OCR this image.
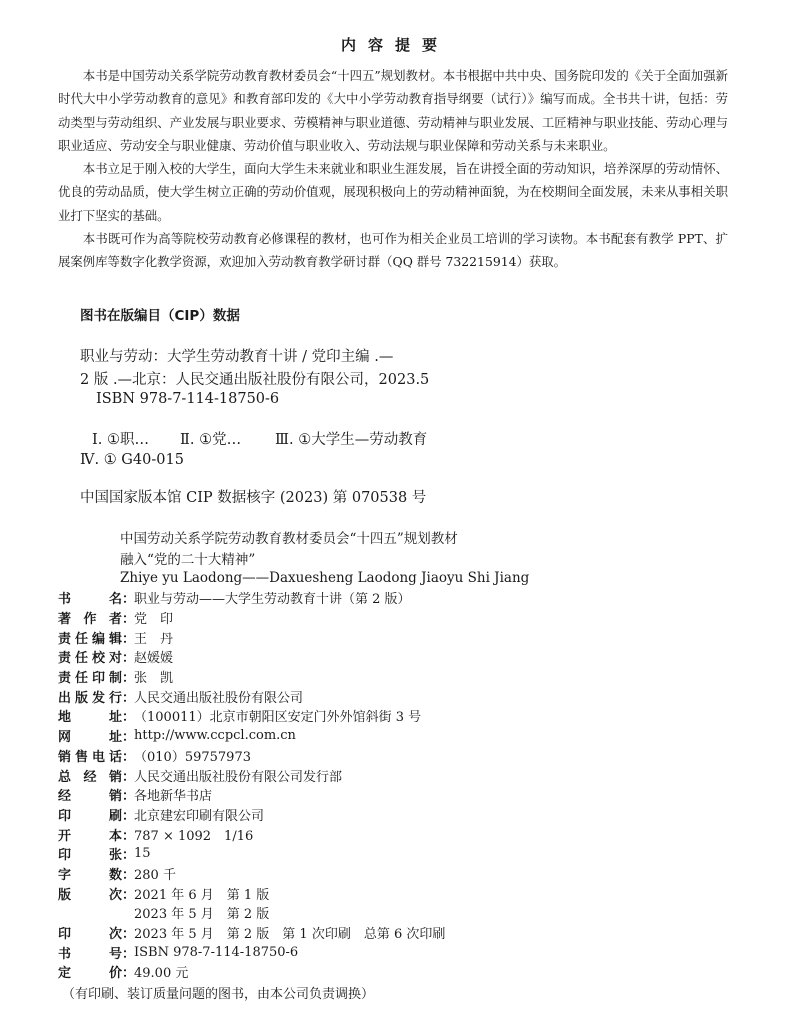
内容提要

本书是中国劳动关系学院劳动教育教材委员会“十四五”规划教材。本书根据中共中央、国务院印发的《关于全面加强新时代大中小学劳动教育的意见》和教育部印发的《大中小学劳动教育指导纲要（试行）》编写而成。全书共十讲，包括：劳动类型与劳动组织、产业发展与职业要求、劳模精神与职业道德、劳动精神与职业发展、工匠精神与职业技能、劳动心理与职业适应、劳动安全与职业健康、劳动价值与职业收入、劳动法规与职业保障和劳动关系与未来职业。

本书立足于刚入校的大学生，面向大学生未来就业和职业生涯发展，旨在讲授全面的劳动知识，培养深厚的劳动情怀、优良的劳动品质，使大学生树立正确的劳动价值观，展现积极向上的劳动精神面貌，为在校期间全面发展，未来从事相关职业打下坚实的基础。

本书既可作为高等院校劳动教育必修课程的教材，也可作为相关企业员工培训的学习读物。本书配套有教学 PPT、扩展案例库等数字化教学资源，欢迎加入劳动教育教学研讨群（QQ 群号 732215914）获取。

图书在版编目（CIP）数据
职业与劳动：大学生劳动教育十讲 / 党印主编 .—
2 版 .—北京：人民交通出版社股份有限公司，2023.5
ISBN 978-7-114-18750-6
Ⅰ. ①职… Ⅱ. ①党… Ⅲ. ①大学生—劳动教育
Ⅳ. ① G40-015
中国国家版本馆 CIP 数据核字 (2023) 第 070538 号
中国劳动关系学院劳动教育教材委员会“十四五”规划教材
融入“党的二十大精神”
Zhiye yu Laodong——Daxuesheng Laodong Jiaoyu Shi Jiang
书名 ：
职业与劳动——大学生劳动教育十讲（第 2 版）
著作者 ：
党　印
责任编辑 ：
王　丹
责任校对 ：
赵媛媛
责任印制 ：
张　凯
出版发行 ：
人民交通出版社股份有限公司
地址 ：
（100011）北京市朝阳区安定门外外馆斜街 3 号
网址 ：
http://www.ccpcl.com.cn
销售电话 ：
（010）59757973
总经销 ：
人民交通出版社股份有限公司发行部
经销 ：
各地新华书店
印刷 ：
北京建宏印刷有限公司
开本 ：
787 × 1092　1/16
印张 ：
15
字数 ：
280 千
版次 ：
2021 年 6 月　第 1 版
2023 年 5 月　第 2 版
印次 ：
2023 年 5 月　第 2 版　第 1 次印刷　总第 6 次印刷
书号 ：
ISBN 978-7-114-18750-6
定价 ：
49.00 元
（有印刷、装订质量问题的图书，由本公司负责调换）
